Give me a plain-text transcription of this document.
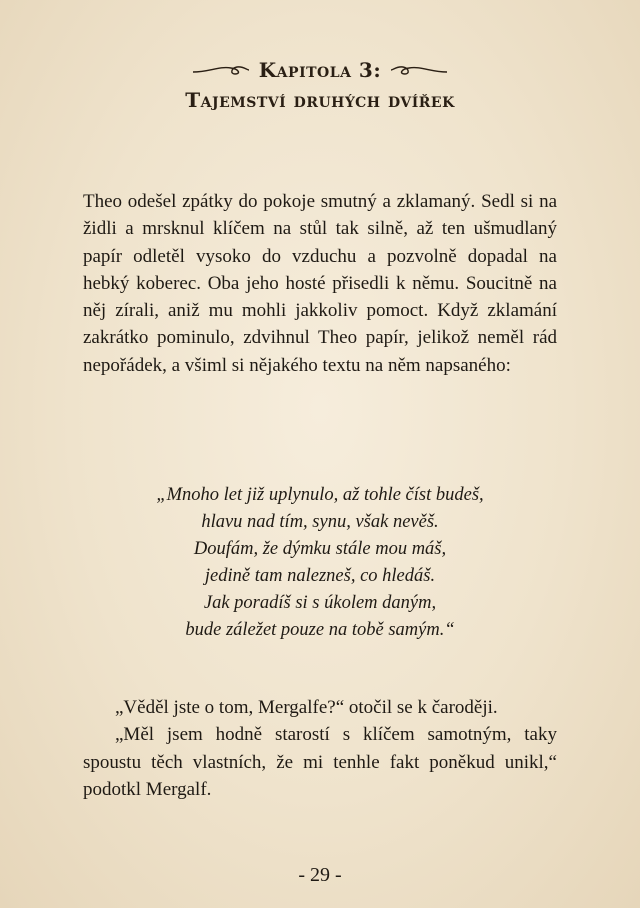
Kapitola 3:
Tajemství druhých dvířek

Theo odešel zpátky do pokoje smutný a zklamaný. Sedl si na židli a mrsknul klíčem na stůl tak silně, až ten ušmudlaný papír odletěl vysoko do vzduchu a pozvolně dopadal na hebký koberec. Oba jeho hosté přisedli k němu. Soucitně na něj zírali, aniž mu mohli jakkoliv pomoct. Když zklamání zakrátko pominulo, zdvihnul Theo papír, jelikož neměl rád nepořádek, a všiml si nějakého textu na něm napsaného:

„Mnoho let již uplynulo, až tohle číst budeš,
hlavu nad tím, synu, však nevěš.
Doufám, že dýmku stále mou máš,
jedině tam nalezneš, co hledáš.
Jak poradíš si s úkolem daným,
bude záležet pouze na tobě samým.“

„Věděl jste o tom, Mergalfe?“ otočil se k čaroději.

„Měl jsem hodně starostí s klíčem samotným, taky spoustu těch vlastních, že mi tenhle fakt poněkud unikl,“ podotkl Mergalf.

- 29 -
